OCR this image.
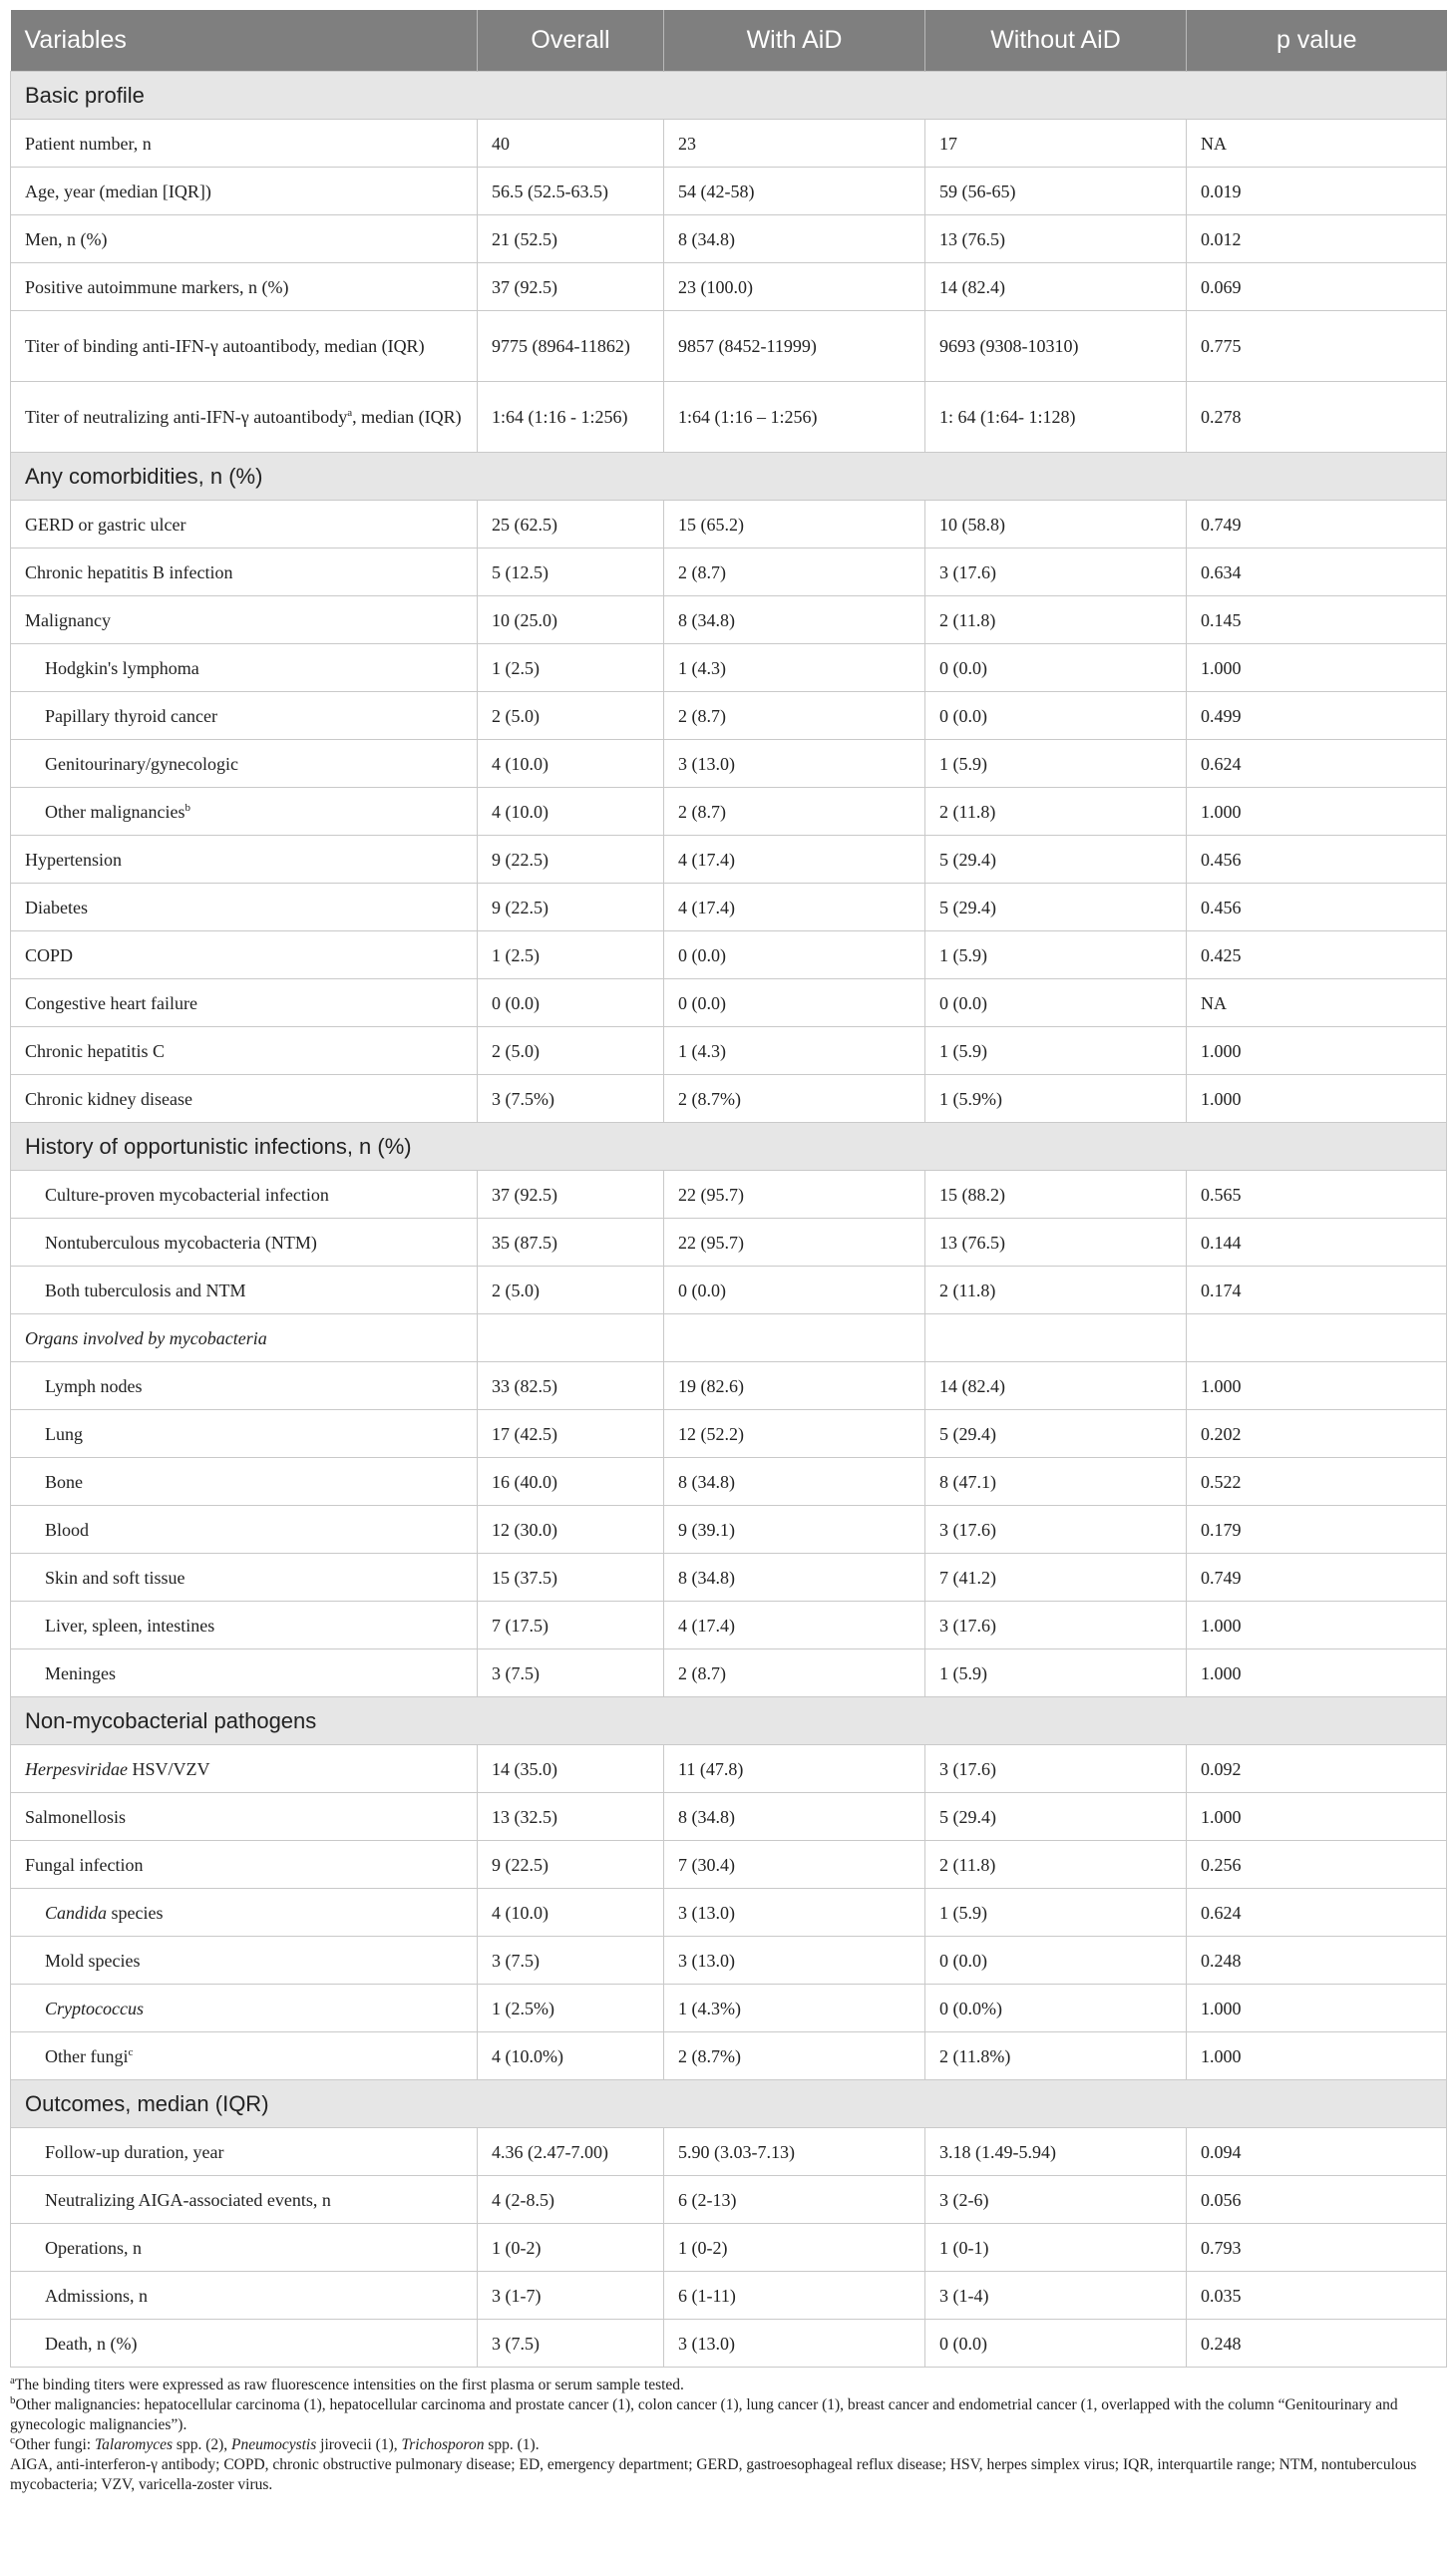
Variables	Overall	With AiD	Without AiD	p value
Basic profile				
Patient number, n	40	23	17	NA
Age, year (median [IQR])	56.5 (52.5-63.5)	54 (42-58)	59 (56-65)	0.019
Men, n (%)	21 (52.5)	8 (34.8)	13 (76.5)	0.012
Positive autoimmune markers, n (%)	37 (92.5)	23 (100.0)	14 (82.4)	0.069
Titer of binding anti-IFN-γ autoantibody, median (IQR)	9775 (8964-11862)	9857 (8452-11999)	9693 (9308-10310)	0.775
Titer of neutralizing anti-IFN-γ autoantibody$^a$, median (IQR)	1:64 (1:16 - 1:256)	1:64 (1:16 – 1:256)	1: 64 (1:64- 1:128)	0.278
Any comorbidities, n (%)				
GERD or gastric ulcer	25 (62.5)	15 (65.2)	10 (58.8)	0.749
Chronic hepatitis B infection	5 (12.5)	2 (8.7)	3 (17.6)	0.634
Malignancy	10 (25.0)	8 (34.8)	2 (11.8)	0.145
Hodgkin's lymphoma	1 (2.5)	1 (4.3)	0 (0.0)	1.000
Papillary thyroid cancer	2 (5.0)	2 (8.7)	0 (0.0)	0.499
Genitourinary/gynecologic	4 (10.0)	3 (13.0)	1 (5.9)	0.624
Other malignancies$^b$	4 (10.0)	2 (8.7)	2 (11.8)	1.000
Hypertension	9 (22.5)	4 (17.4)	5 (29.4)	0.456
Diabetes	9 (22.5)	4 (17.4)	5 (29.4)	0.456
COPD	1 (2.5)	0 (0.0)	1 (5.9)	0.425
Congestive heart failure	0 (0.0)	0 (0.0)	0 (0.0)	NA
Chronic hepatitis C	2 (5.0)	1 (4.3)	1 (5.9)	1.000
Chronic kidney disease	3 (7.5%)	2 (8.7%)	1 (5.9%)	1.000
History of opportunistic infections, n (%)				
Culture-proven mycobacterial infection	37 (92.5)	22 (95.7)	15 (88.2)	0.565
Nontuberculous mycobacteria (NTM)	35 (87.5)	22 (95.7)	13 (76.5)	0.144
Both tuberculosis and NTM	2 (5.0)	0 (0.0)	2 (11.8)	0.174
Organs involved by mycobacteria				
Lymph nodes	33 (82.5)	19 (82.6)	14 (82.4)	1.000
Lung	17 (42.5)	12 (52.2)	5 (29.4)	0.202
Bone	16 (40.0)	8 (34.8)	8 (47.1)	0.522
Blood	12 (30.0)	9 (39.1)	3 (17.6)	0.179
Skin and soft tissue	15 (37.5)	8 (34.8)	7 (41.2)	0.749
Liver, spleen, intestines	7 (17.5)	4 (17.4)	3 (17.6)	1.000
Meninges	3 (7.5)	2 (8.7)	1 (5.9)	1.000
Non-mycobacterial pathogens				
Herpesviridae HSV/VZV	14 (35.0)	11 (47.8)	3 (17.6)	0.092
Salmonellosis	13 (32.5)	8 (34.8)	5 (29.4)	1.000
Fungal infection	9 (22.5)	7 (30.4)	2 (11.8)	0.256
Candida species	4 (10.0)	3 (13.0)	1 (5.9)	0.624
Mold species	3 (7.5)	3 (13.0)	0 (0.0)	0.248
Cryptococcus	1 (2.5%)	1 (4.3%)	0 (0.0%)	1.000
Other fungi$^c$	4 (10.0%)	2 (8.7%)	2 (11.8%)	1.000
Outcomes, median (IQR)				
Follow-up duration, year	4.36 (2.47-7.00)	5.90 (3.03-7.13)	3.18 (1.49-5.94)	0.094
Neutralizing AIGA-associated events, n	4 (2-8.5)	6 (2-13)	3 (2-6)	0.056
Operations, n	1 (0-2)	1 (0-2)	1 (0-1)	0.793
Admissions, n	3 (1-7)	6 (1-11)	3 (1-4)	0.035
Death, n (%)	3 (7.5)	3 (13.0)	0 (0.0)	0.248

$^a$The binding titers were expressed as raw fluorescence intensities on the first plasma or serum sample tested.

$^b$Other malignancies: hepatocellular carcinoma (1), hepatocellular carcinoma and prostate cancer (1), colon cancer (1), lung cancer (1), breast cancer and endometrial cancer (1, overlapped with the column “Genitourinary and gynecologic malignancies”).

$^c$Other fungi: Talaromyces spp. (2), Pneumocystis jirovecii (1), Trichosporon spp. (1).

AIGA, anti-interferon-γ antibody; COPD, chronic obstructive pulmonary disease; ED, emergency department; GERD, gastroesophageal reflux disease; HSV, herpes simplex virus; IQR, interquartile range; NTM, nontuberculous mycobacteria; VZV, varicella-zoster virus.
